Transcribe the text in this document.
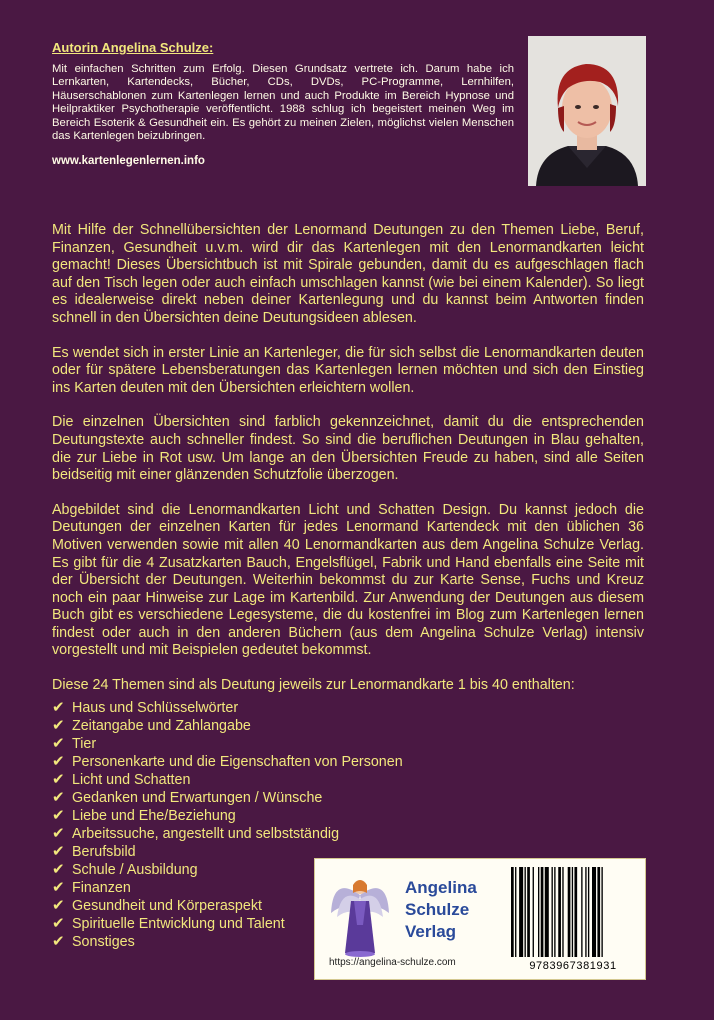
Autorin Angelina Schulze:

Mit einfachen Schritten zum Erfolg. Diesen Grundsatz vertrete ich. Darum habe ich Lernkarten, Kartendecks, Bücher, CDs, DVDs, PC-Programme, Lernhilfen, Häuserschablonen zum Kartenlegen lernen und auch Produkte im Bereich Hypnose und Heilpraktiker Psychotherapie veröffentlicht. 1988 schlug ich begeistert meinen Weg im Bereich Esoterik & Gesundheit ein. Es gehört zu meinen Zielen, möglichst vielen Menschen das Kartenlegen beizubringen.

www.kartenlegenlernen.info

Mit Hilfe der Schnellübersichten der Lenormand Deutungen zu den Themen Liebe, Beruf, Finanzen, Gesundheit u.v.m. wird dir das Kartenlegen mit den Lenormandkarten leicht gemacht! Dieses Übersichtbuch ist mit Spirale gebunden, damit du es aufgeschlagen flach auf den Tisch legen oder auch einfach umschlagen kannst (wie bei einem Kalender). So liegt es idealerweise direkt neben deiner Kartenlegung und du kannst beim Antworten finden schnell in den Übersichten deine Deutungsideen ablesen.

Es wendet sich in erster Linie an Kartenleger, die für sich selbst die Lenormandkarten deuten oder für spätere Lebensberatungen das Kartenlegen lernen möchten und sich den Einstieg ins Karten deuten mit den Übersichten erleichtern wollen.

Die einzelnen Übersichten sind farblich gekennzeichnet, damit du die entsprechenden Deutungstexte auch schneller findest. So sind die beruflichen Deutungen in Blau gehalten, die zur Liebe in Rot usw. Um lange an den Übersichten Freude zu haben, sind alle Seiten beidseitig mit einer glänzenden Schutzfolie überzogen.

Abgebildet sind die Lenormandkarten Licht und Schatten Design. Du kannst jedoch die Deutungen der einzelnen Karten für jedes Lenormand Kartendeck mit den üblichen 36 Motiven verwenden sowie mit allen 40 Lenormandkarten aus dem Angelina Schulze Verlag. Es gibt für die 4 Zusatzkarten Bauch, Engelsflügel, Fabrik und Hand ebenfalls eine Seite mit der Übersicht der Deutungen. Weiterhin bekommst du zur Karte Sense, Fuchs und Kreuz noch ein paar Hinweise zur Lage im Kartenbild. Zur Anwendung der Deutungen aus diesem Buch gibt es verschiedene Legesysteme, die du kostenfrei im Blog zum Kartenlegen lernen findest oder auch in den anderen Büchern (aus dem Angelina Schulze Verlag) intensiv vorgestellt und mit Beispielen gedeutet bekommst.

Diese 24 Themen sind als Deutung jeweils zur Lenormandkarte 1 bis 40 enthalten:

✔ Haus und Schlüsselwörter
✔ Zeitangabe und Zahlangabe
✔ Tier
✔ Personenkarte und die Eigenschaften von Personen
✔ Licht und Schatten
✔ Gedanken und Erwartungen / Wünsche
✔ Liebe und Ehe/Beziehung
✔ Arbeitssuche, angestellt und selbstständig
✔ Berufsbild
✔ Schule / Ausbildung
✔ Finanzen
✔ Gesundheit und Körperaspekt
✔ Spirituelle Entwicklung und Talent
✔ Sonstiges
Angelina
Schulze
Verlag
https://angelina-schulze.com	9783967381931
